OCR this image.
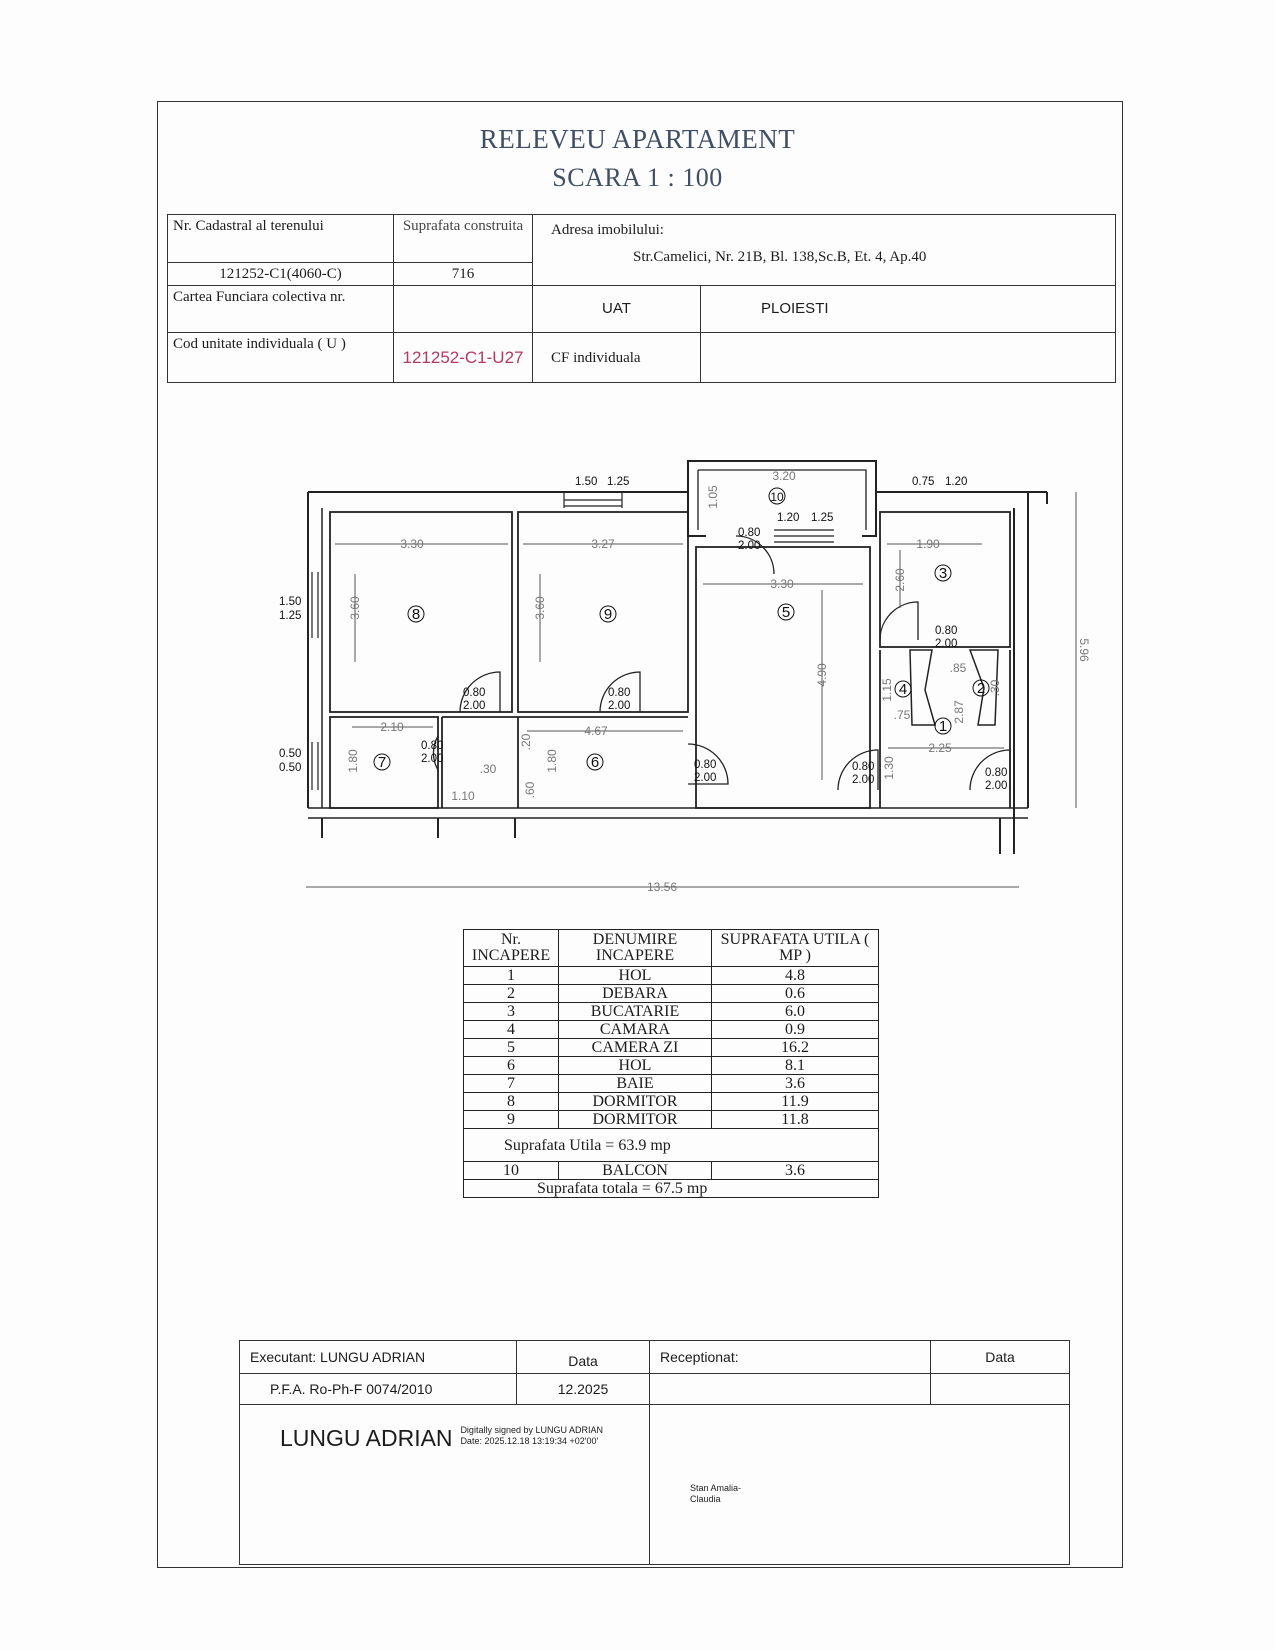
RELEVEU APARTAMENT
SCARA 1 : 100
Nr. Cadastral al terenului	Suprafata construita	Adresa imobilului:
Str.Camelici, Nr. 21B, Bl. 138,Sc.B, Et. 4, Ap.40	

121252-C1(4060-C)	716		
Cartea Funciara colectiva nr.		UAT	PLOIESTI
Cod unitate individuala ( U )	121252-C1-U27	CF individuala	
8	9	5
3
7	6
4
1
2
10
3.30	3.27
3.30
1.90
3.20
2.10	4.67
2.25
13.56
1.10
.30
.85
.75
3.60	3.60
4.90
2.60
1.05
1.80	1.80	1.30
1.15	.30
2.87
.20
.60
5.96
1.50 1.25
1.20 1.25
0.75 1.20
1.50
1.25
0.50
0.50
0.80
2.00
0.80
2.00
0.80
2.00	0.80
2.00
0.80
2.00
0.80
2.00
0.80
2.00
0.80
2.00
Nr. INCAPERE	DENUMIRE INCAPERE	SUPRAFATA UTILA ( MP )
1	HOL	4.8
2	DEBARA	0.6
3	BUCATARIE	6.0
4	CAMARA	0.9
5	CAMERA ZI	16.2
6	HOL	8.1
7	BAIE	3.6
8	DORMITOR	11.9
9	DORMITOR	11.8
Suprafata Utila = 63.9 mp		
10	BALCON	3.6
Suprafata totala = 67.5 mp		
Executant: LUNGU ADRIAN	Data	Receptionat:	Data
P.F.A. Ro-Ph-F 0074/2010	12.2025		
LUNGU ADRIAN Digitally signed by LUNGU ADRIAN
Date: 2025.12.18 13:19:34 +02'00'		Stan Amalia-
Claudia	
